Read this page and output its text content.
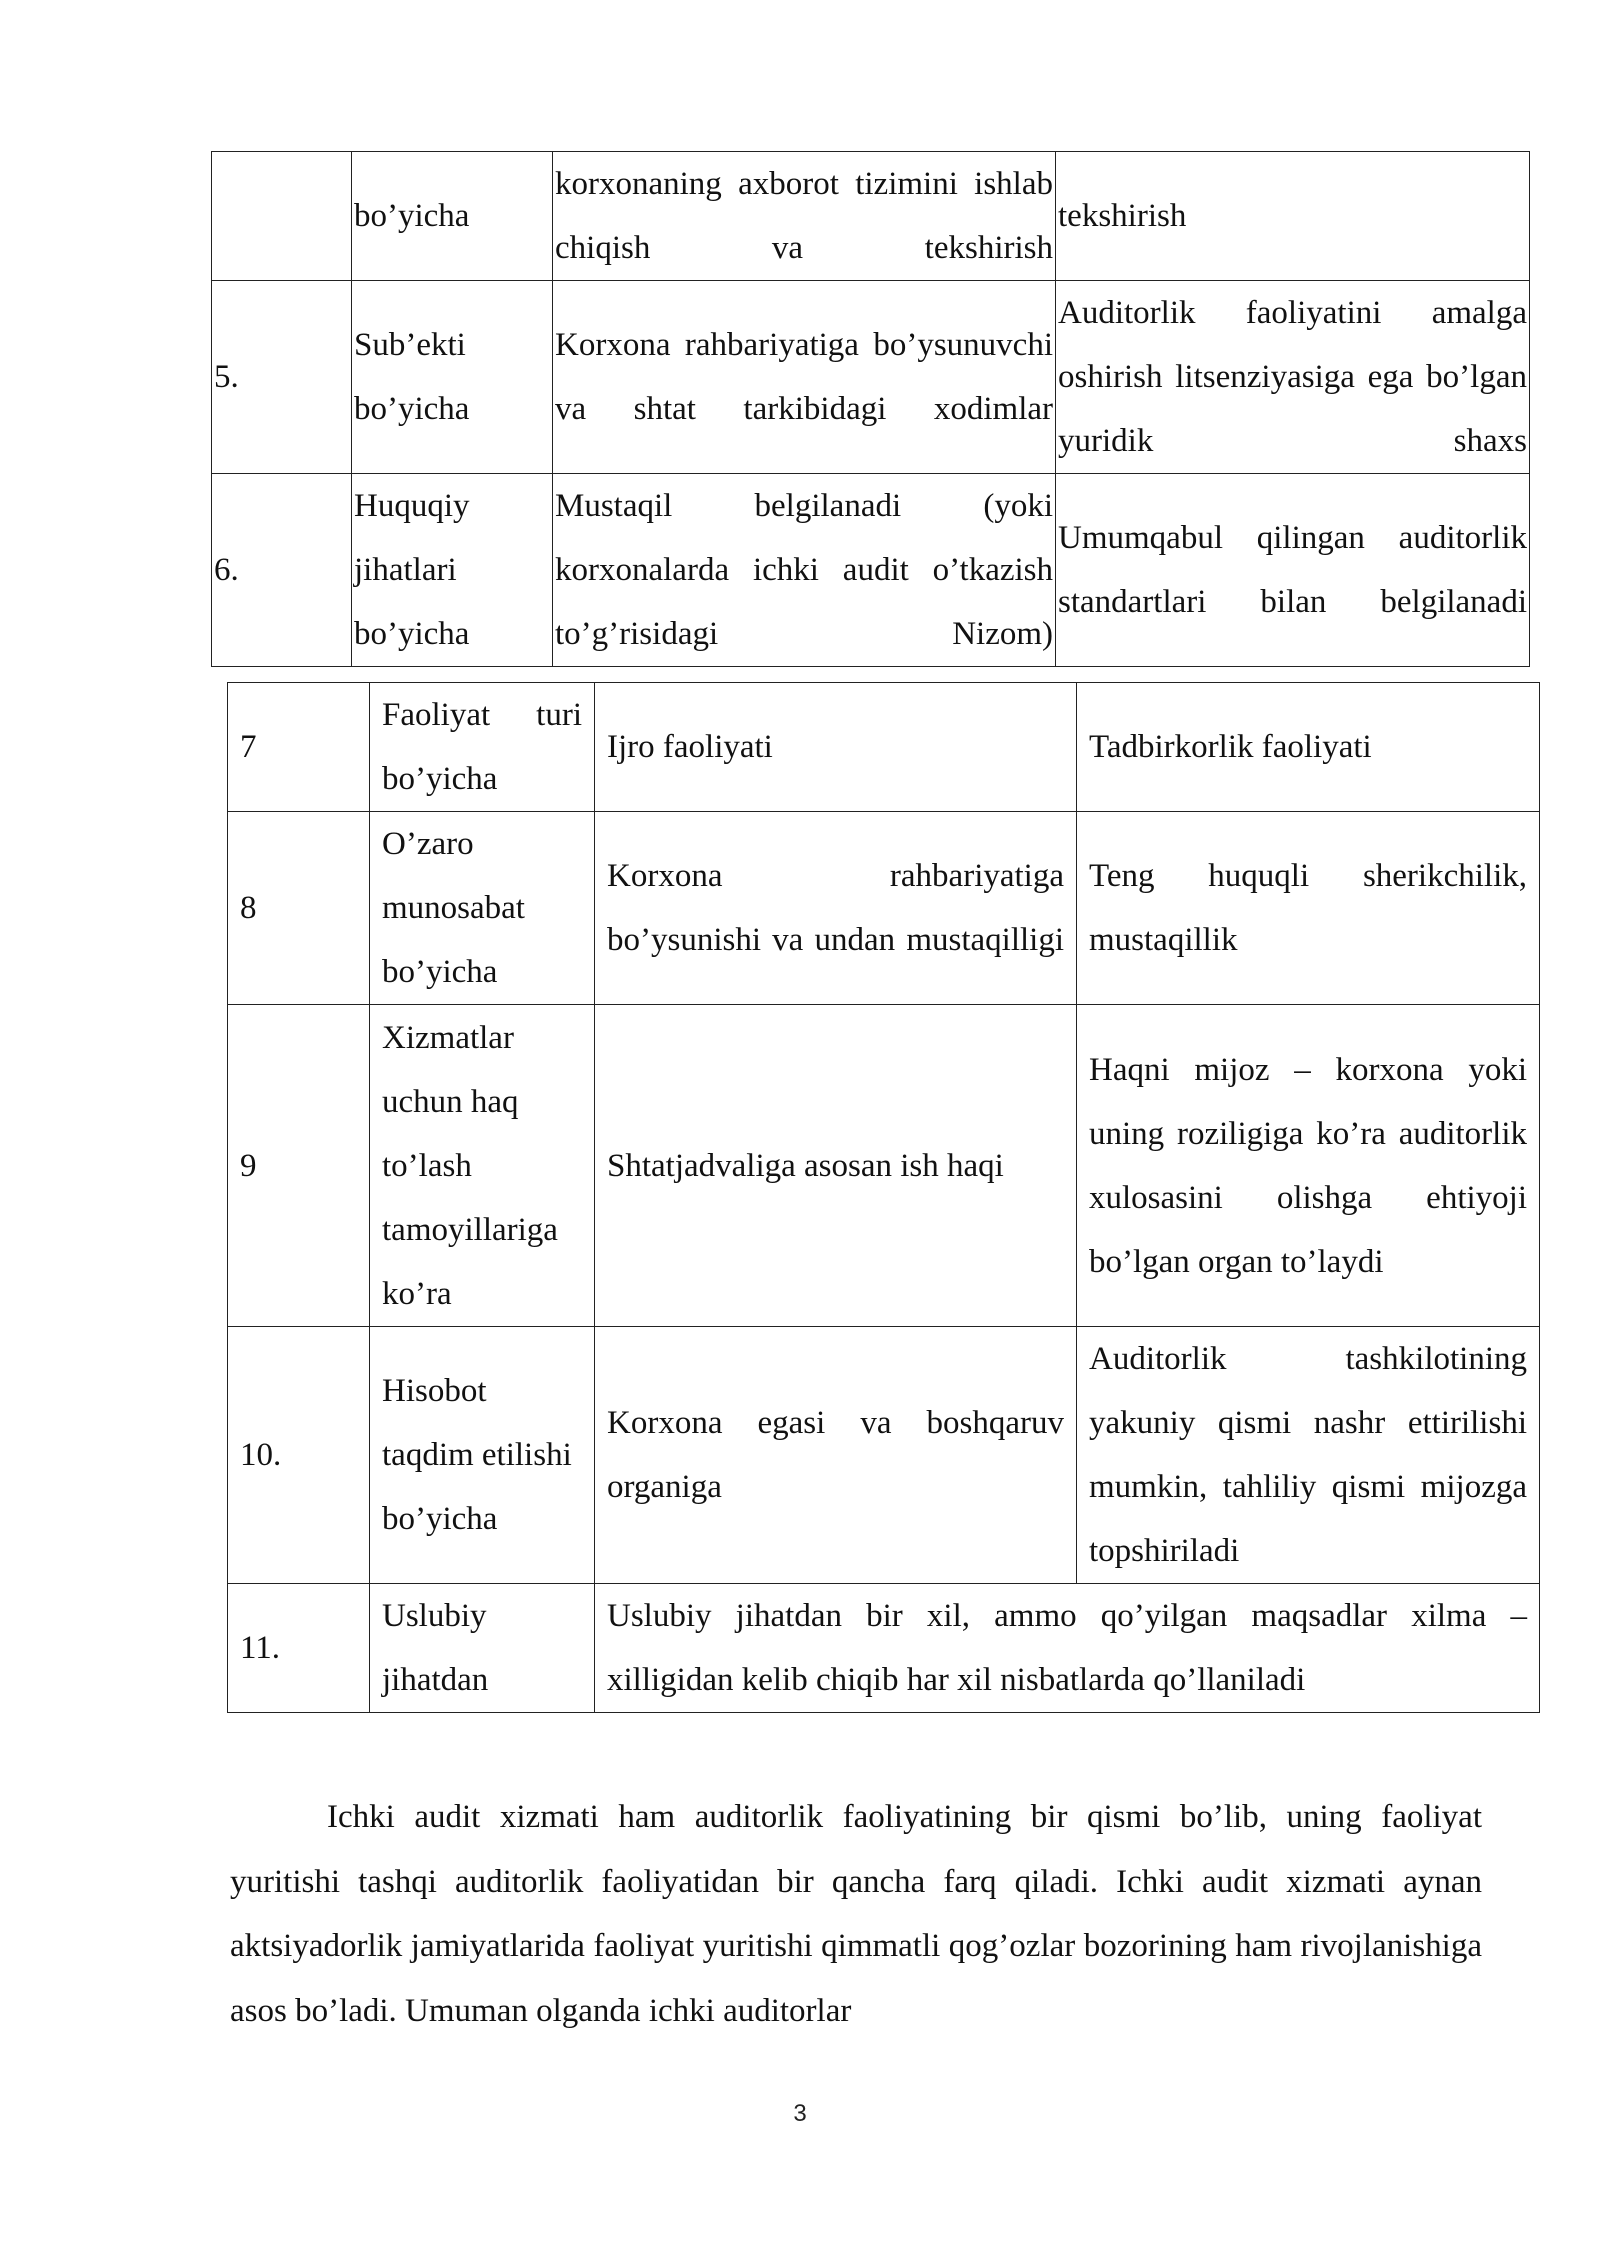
	bo’yicha	korxonaning axborot tizimini ishlab chiqish va tekshirish	tekshirish
5.	Sub’ekti bo’yicha	Korxona rahbariyatiga bo’ysunuvchi va shtat tarkibidagi xodimlar	Auditorlik faoliyatini amalga oshirish litsenziyasiga ega bo’lgan yuridik shaxs
6.	Huquqiy jihatlari bo’yicha	Mustaqil belgilanadi (yoki korxonalarda ichki audit o’tkazish to’g’risidagi Nizom)	Umumqabul qilingan auditorlik standartlari bilan belgilanadi
7	Faoliyat turi bo’yicha	Ijro faoliyati	Tadbirkorlik faoliyati
8	O’zaro munosabat bo’yicha	Korxona rahbariyatiga bo’ysunishi va undan mustaqilligi	Teng huquqli sherikchilik, mustaqillik
9	Xizmatlar uchun haq to’lash tamoyillariga ko’ra	Shtatjadvaliga asosan ish haqi	Haqni mijoz – korxona yoki uning roziligiga ko’ra auditorlik xulosasini olishga ehtiyoji bo’lgan organ to’laydi
10.	Hisobot taqdim etilishi bo’yicha	Korxona egasi va boshqaruv organiga	Auditorlik tashkilotining yakuniy qismi nashr ettirilishi mumkin, tahliliy qismi mijozga topshiriladi
11.	Uslubiy jihatdan	Uslubiy jihatdan bir xil, ammo qo’yilgan maqsadlar xilma – xilligidan kelib chiqib har xil nisbatlarda qo’llaniladi	

Ichki audit xizmati ham auditorlik faoliyatining bir qismi bo’lib, uning faoliyat yuritishi tashqi auditorlik faoliyatidan bir qancha farq qiladi. Ichki audit xizmati aynan aktsiyadorlik jamiyatlarida faoliyat yuritishi qimmatli qog’ozlar bozorining ham rivojlanishiga asos bo’ladi. Umuman olganda ichki auditorlar

3
